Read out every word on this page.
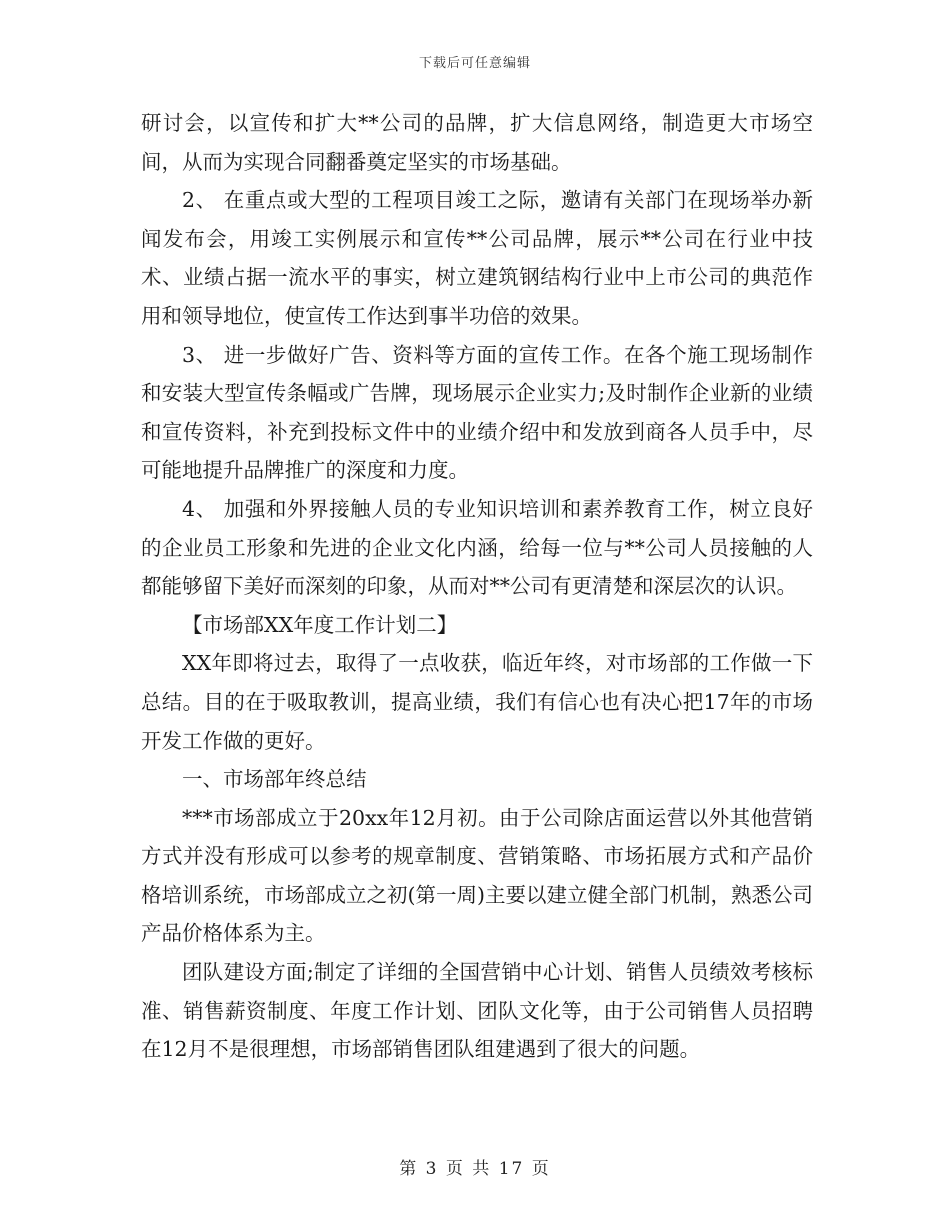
下载后可任意编辑

研讨会，以宣传和扩大**公司的品牌，扩大信息网络，制造更大市场空间，从而为实现合同翻番奠定坚实的市场基础。

2、 在重点或大型的工程项目竣工之际，邀请有关部门在现场举办新闻发布会，用竣工实例展示和宣传**公司品牌，展示**公司在行业中技术、业绩占据一流水平的事实，树立建筑钢结构行业中上市公司的典范作用和领导地位，使宣传工作达到事半功倍的效果。

3、 进一步做好广告、资料等方面的宣传工作。在各个施工现场制作和安装大型宣传条幅或广告牌，现场展示企业实力;及时制作企业新的业绩和宣传资料，补充到投标文件中的业绩介绍中和发放到商各人员手中，尽可能地提升品牌推广的深度和力度。

4、 加强和外界接触人员的专业知识培训和素养教育工作，树立良好的企业员工形象和先进的企业文化内涵，给每一位与**公司人员接触的人都能够留下美好而深刻的印象，从而对**公司有更清楚和深层次的认识。

【市场部XX年度工作计划二】

XX年即将过去，取得了一点收获，临近年终，对市场部的工作做一下总结。目的在于吸取教训，提高业绩，我们有信心也有决心把17年的市场开发工作做的更好。

一、市场部年终总结

***市场部成立于20xx年12月初。由于公司除店面运营以外其他营销方式并没有形成可以参考的规章制度、营销策略、市场拓展方式和产品价格培训系统，市场部成立之初(第一周)主要以建立健全部门机制，熟悉公司产品价格体系为主。

团队建设方面;制定了详细的全国营销中心计划、销售人员绩效考核标准、销售薪资制度、年度工作计划、团队文化等，由于公司销售人员招聘在12月不是很理想，市场部销售团队组建遇到了很大的问题。

第 3 页 共 17 页
